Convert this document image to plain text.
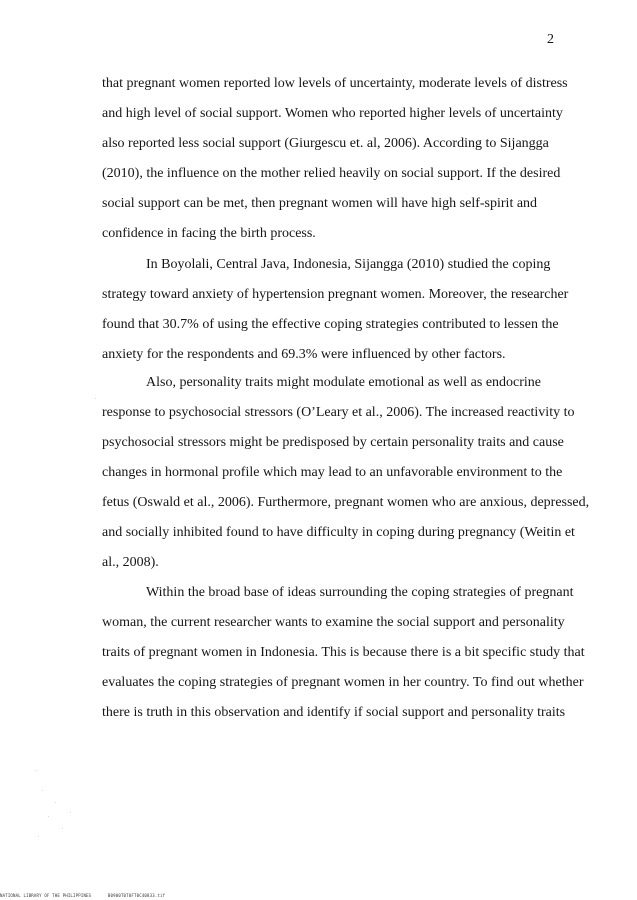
2
that pregnant women reported low levels of uncertainty, moderate levels of distress
and high level of social support. Women who reported higher levels of uncertainty
also reported less social support (Giurgescu et. al, 2006). According to Sijangga
(2010), the influence on the mother relied heavily on social support. If the desired
social support can be met, then pregnant women will have high self-spirit and
confidence in facing the birth process.
In Boyolali, Central Java, Indonesia, Sijangga (2010) studied the coping
strategy toward anxiety of hypertension pregnant women. Moreover, the researcher
found that 30.7% of using the effective coping strategies contributed to lessen the
anxiety for the respondents and 69.3% were influenced by other factors.
Also, personality traits might modulate emotional as well as endocrine
response to psychosocial stressors (O’Leary et al., 2006). The increased reactivity to
psychosocial stressors might be predisposed by certain personality traits and cause
changes in hormonal profile which may lead to an unfavorable environment to the
fetus (Oswald et al., 2006). Furthermore, pregnant women who are anxious, depressed,
and socially inhibited found to have difficulty in coping during pregnancy (Weitin et
al., 2008).
Within the broad base of ideas surrounding the coping strategies of pregnant
woman, the current researcher wants to examine the social support and personality
traits of pregnant women in Indonesia. This is because there is a bit specific study that
evaluates the coping strategies of pregnant women in her country. To find out whether
there is truth in this observation and identify if social support and personality traits
NATIONAL LIBRARY OF THE PHILIPPINES	B0900T0T0FT0C40833.tif
